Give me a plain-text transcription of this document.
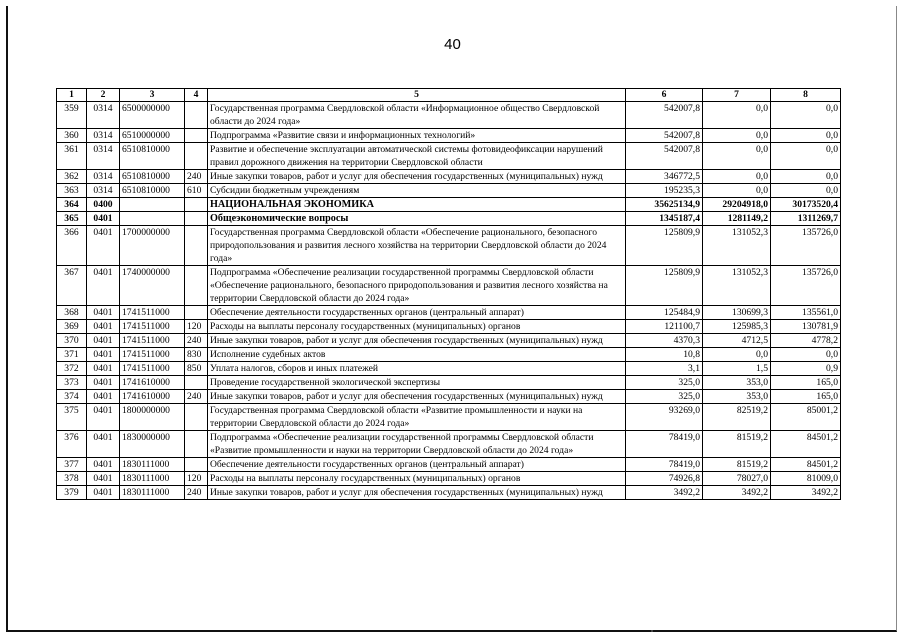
40
1	2	3	4	5	6	7	8
359	0314	6500000000		Государственная программа Свердловской области «Информационное общество Свердловской области до 2024 года»	542007,8	0,0	0,0
360	0314	6510000000		Подпрограмма «Развитие связи и информационных технологий»	542007,8	0,0	0,0
361	0314	6510810000		Развитие и обеспечение эксплуатации автоматической системы фотовидеофиксации нарушений правил дорожного движения на территории Свердловской области	542007,8	0,0	0,0
362	0314	6510810000	240	Иные закупки товаров, работ и услуг для обеспечения государственных (муниципальных) нужд	346772,5	0,0	0,0
363	0314	6510810000	610	Субсидии бюджетным учреждениям	195235,3	0,0	0,0
364	0400			НАЦИОНАЛЬНАЯ ЭКОНОМИКА	35625134,9	29204918,0	30173520,4
365	0401			Общеэкономические вопросы	1345187,4	1281149,2	1311269,7
366	0401	1700000000		Государственная программа Свердловской области «Обеспечение рационального, безопасного природопользования и развития лесного хозяйства на территории Свердловской области до 2024 года»	125809,9	131052,3	135726,0
367	0401	1740000000		Подпрограмма «Обеспечение реализации государственной программы Свердловской области «Обеспечение рационального, безопасного природопользования и развития лесного хозяйства на территории Свердловской области до 2024 года»	125809,9	131052,3	135726,0
368	0401	1741511000		Обеспечение деятельности государственных органов (центральный аппарат)	125484,9	130699,3	135561,0
369	0401	1741511000	120	Расходы на выплаты персоналу государственных (муниципальных) органов	121100,7	125985,3	130781,9
370	0401	1741511000	240	Иные закупки товаров, работ и услуг для обеспечения государственных (муниципальных) нужд	4370,3	4712,5	4778,2
371	0401	1741511000	830	Исполнение судебных актов	10,8	0,0	0,0
372	0401	1741511000	850	Уплата налогов, сборов и иных платежей	3,1	1,5	0,9
373	0401	1741610000		Проведение государственной экологической экспертизы	325,0	353,0	165,0
374	0401	1741610000	240	Иные закупки товаров, работ и услуг для обеспечения государственных (муниципальных) нужд	325,0	353,0	165,0
375	0401	1800000000		Государственная программа Свердловской области «Развитие промышленности и науки на территории Свердловской области до 2024 года»	93269,0	82519,2	85001,2
376	0401	1830000000		Подпрограмма «Обеспечение реализации государственной программы Свердловской области «Развитие промышленности и науки на территории Свердловской области до 2024 года»	78419,0	81519,2	84501,2
377	0401	1830111000		Обеспечение деятельности государственных органов (центральный аппарат)	78419,0	81519,2	84501,2
378	0401	1830111000	120	Расходы на выплаты персоналу государственных (муниципальных) органов	74926,8	78027,0	81009,0
379	0401	1830111000	240	Иные закупки товаров, работ и услуг для обеспечения государственных (муниципальных) нужд	3492,2	3492,2	3492,2
